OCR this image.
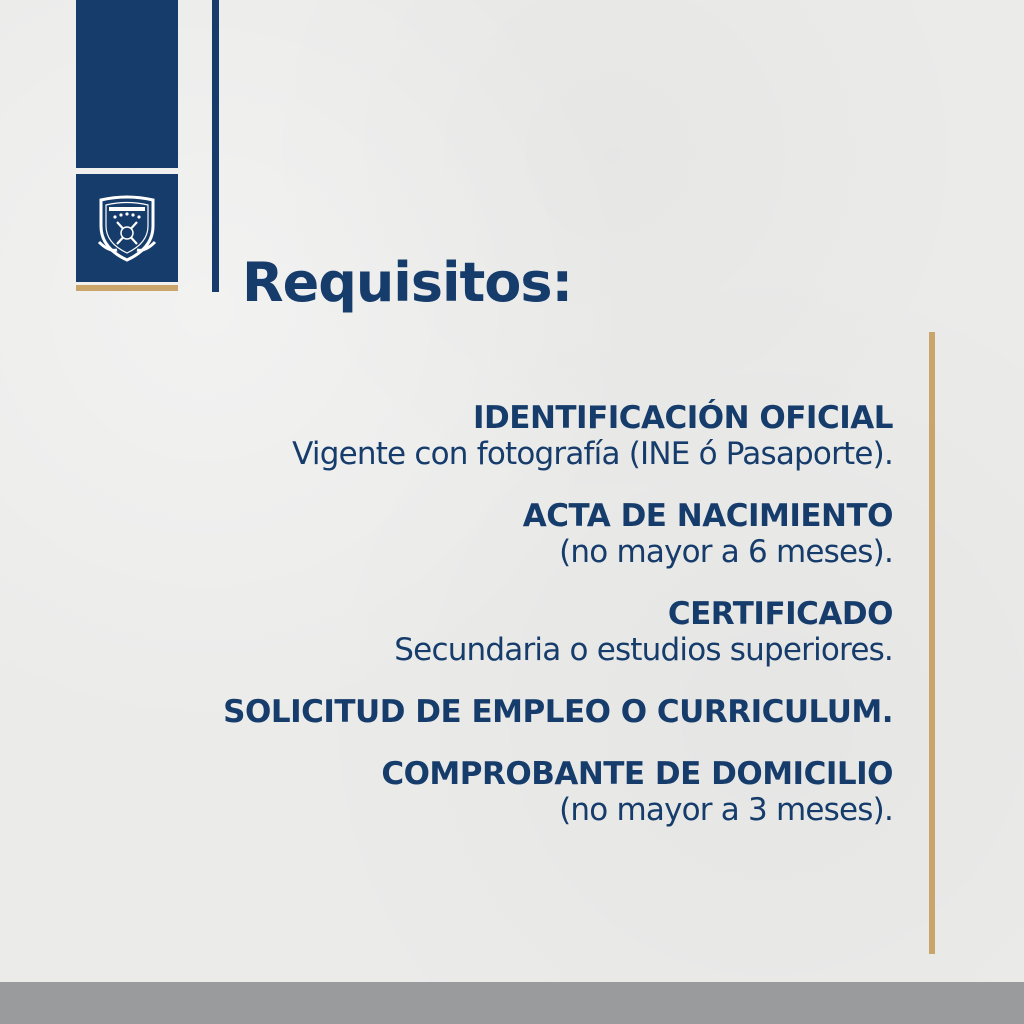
Requisitos:
IDENTIFICACIÓN OFICIAL
Vigente con fotografía (INE ó Pasaporte).
ACTA DE NACIMIENTO
(no mayor a 6 meses).
CERTIFICADO
Secundaria o estudios superiores.
SOLICITUD DE EMPLEO O CURRICULUM.
COMPROBANTE DE DOMICILIO
(no mayor a 3 meses).
